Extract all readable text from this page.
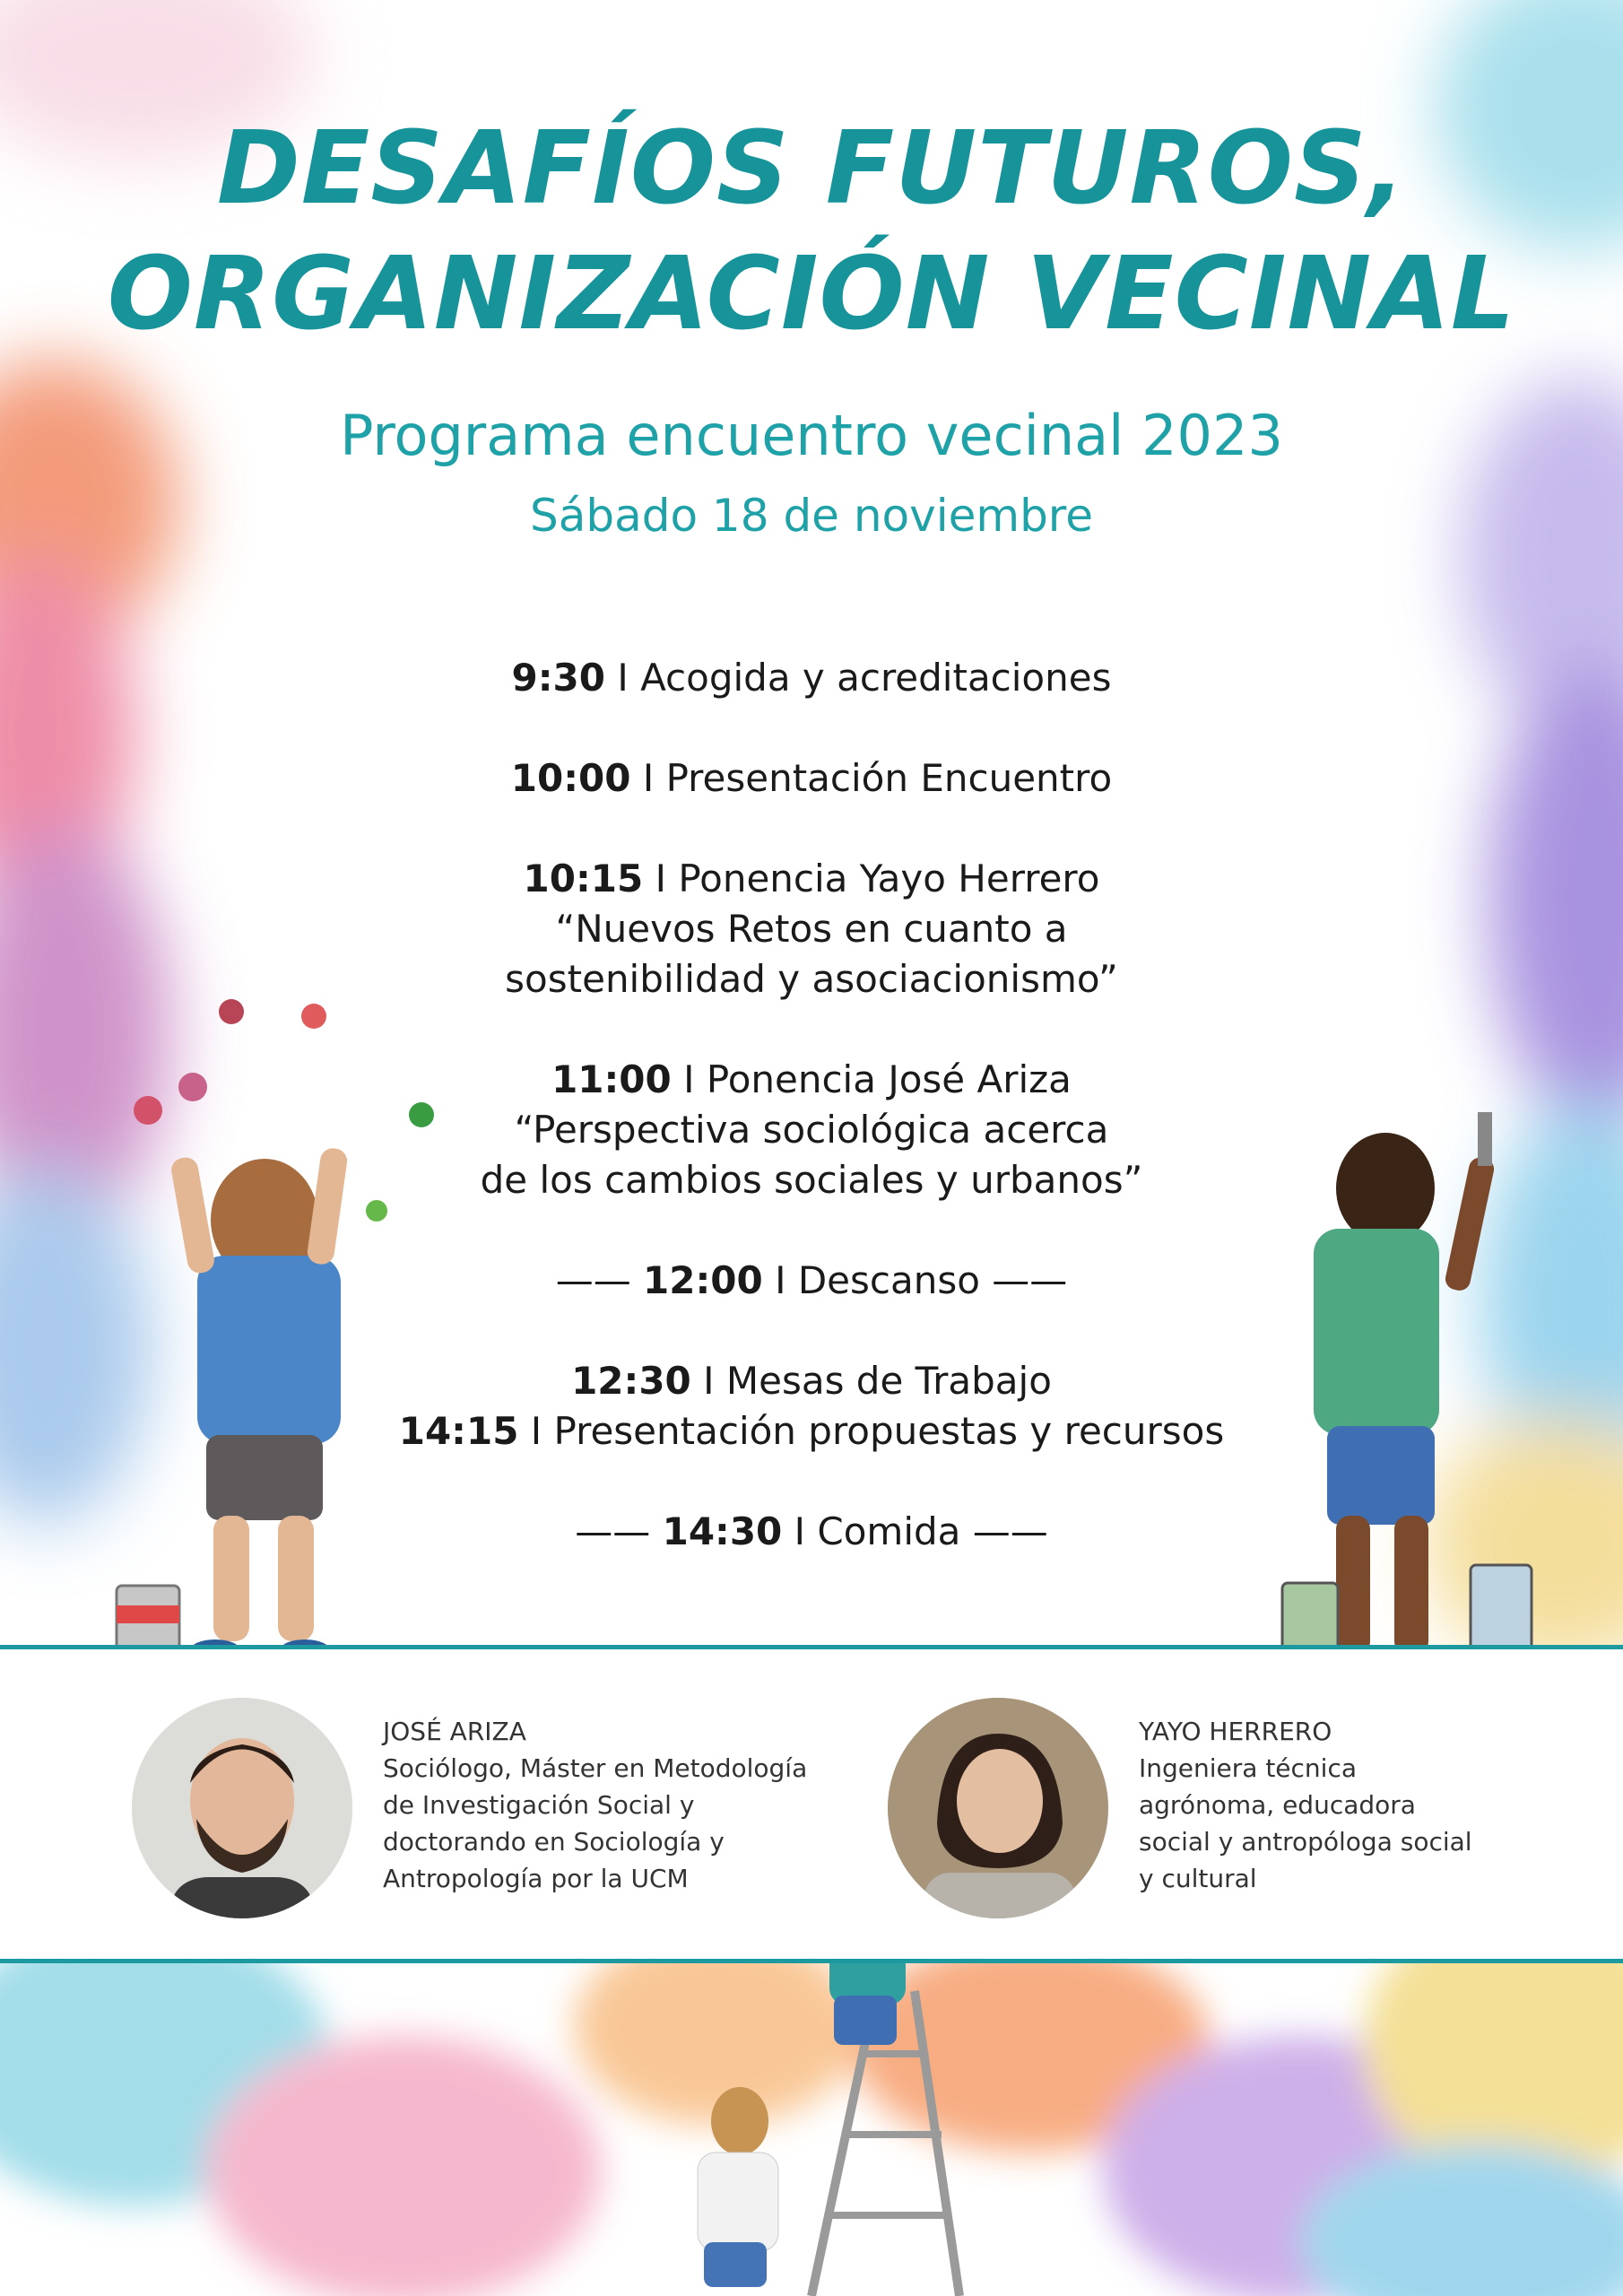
DESAFÍOS FUTUROS,
ORGANIZACIÓN VECINAL
Programa encuentro vecinal 2023
Sábado 18 de noviembre
9:30 I Acogida y acreditaciones
10:00 I Presentación Encuentro
10:15 I Ponencia Yayo Herrero
“Nuevos Retos en cuanto a
sostenibilidad y asociacionismo”
11:00 I Ponencia José Ariza
“Perspectiva sociológica acerca
de los cambios sociales y urbanos”
—— 12:00 I Descanso ——
12:30 I Mesas de Trabajo
14:15 I Presentación propuestas y recursos
—— 14:30 I Comida ——
JOSÉ ARIZA
Sociólogo, Máster en Metodología
de Investigación Social y
doctorando en Sociología y
Antropología por la UCM
YAYO HERRERO
Ingeniera técnica
agrónoma, educadora
social y antropóloga social
y cultural
